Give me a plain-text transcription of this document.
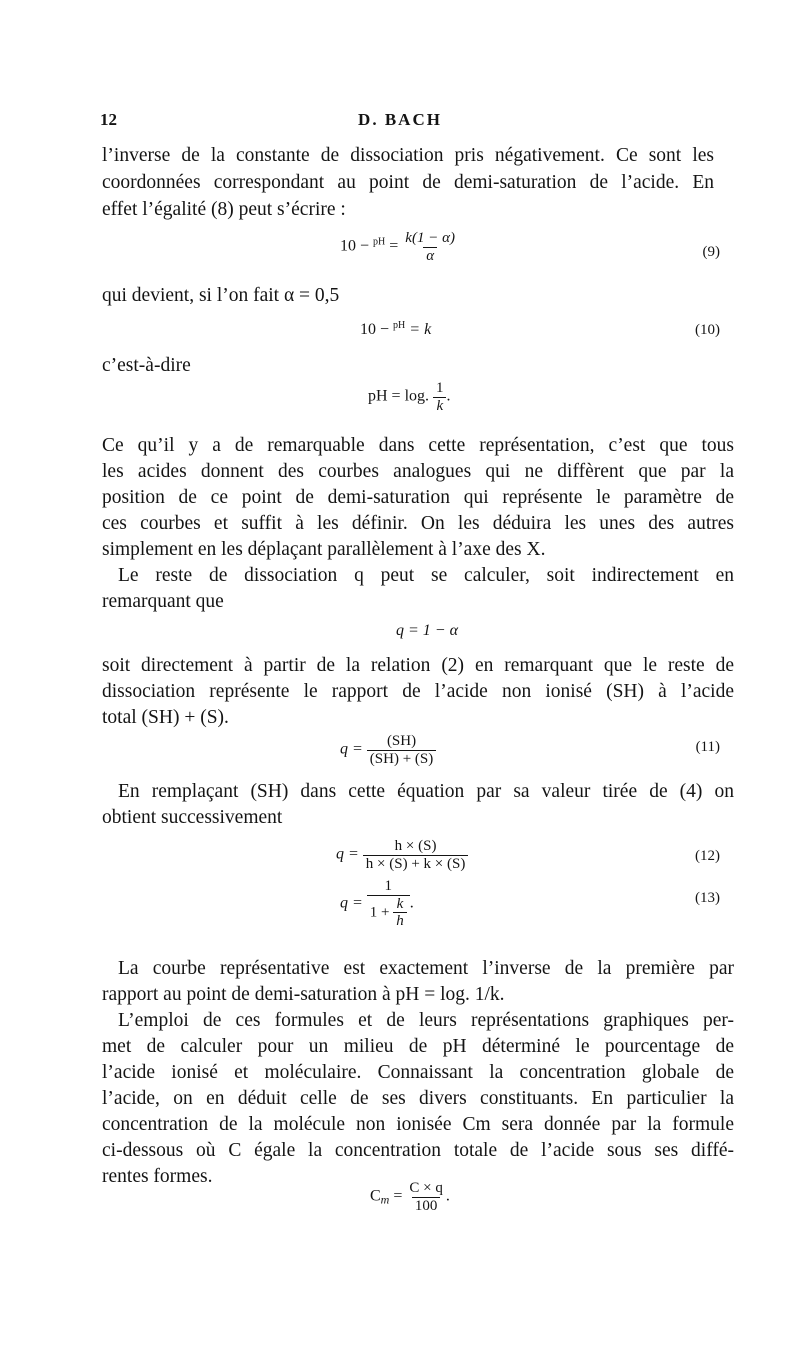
12	D. BACH
l’inverse de la constante de dissociation pris négativement. Ce sont les
coordonnées correspondant au point de demi-saturation de l’acide. En
effet l’égalité (8) peut s’écrire :
$10 - ^{pH} = \frac{k(1 - \alpha)}{\alpha}$	(9)
qui devient, si l’on fait α = 0,5
10 − $^{pH}$ = k	(10)
c’est-à-dire
pH = log. $\frac{1}{k}$ .
Ce qu’il y a de remarquable dans cette représentation, c’est que tous
les acides donnent des courbes analogues qui ne diffèrent que par la
position de ce point de demi-saturation qui représente le paramètre de
ces courbes et suffit à les définir. On les déduira les unes des autres
simplement en les déplaçant parallèlement à l’axe des X.
Le reste de dissociation q peut se calculer, soit indirectement en
remarquant que
q = 1 − α
soit directement à partir de la relation (2) en remarquant que le reste de
dissociation représente le rapport de l’acide non ionisé (SH) à l’acide
total (SH) + (S).
$q = \frac{(SH)}{(SH) + (S)}$	(11)
En remplaçant (SH) dans cette équation par sa valeur tirée de (4) on
obtient successivement
$q = \frac{h \times (S)}{h \times (S) + k \times (S)}$	(12)
$q = \frac{1}{1 + \frac{k}{h}}$ .	(13)
La courbe représentative est exactement l’inverse de la première par
rapport au point de demi-saturation à pH = log. 1/k.
L’emploi de ces formules et de leurs représentations graphiques per-
met de calculer pour un milieu de pH déterminé le pourcentage de
l’acide ionisé et moléculaire. Connaissant la concentration globale de
l’acide, on en déduit celle de ses divers constituants. En particulier la
concentration de la molécule non ionisée Cm sera donnée par la formule
ci-dessous où C égale la concentration totale de l’acide sous ses diffé-
rentes formes.
$C_m = \frac{C \times q}{100}$ .
